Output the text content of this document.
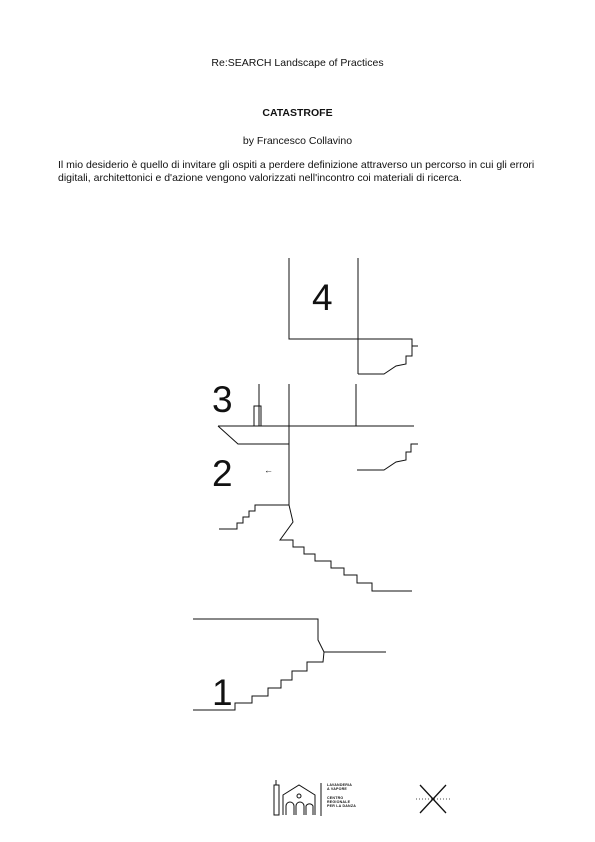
Re:SEARCH Landscape of Practices
CATASTROFE
by Francesco Collavino
Il mio desiderio è quello di invitare gli ospiti a perdere definizione attraverso un percorso in cui gli errori digitali, architettonici e d'azione vengono valorizzati nell'incontro coi materiali di ricerca.
4
3
2
1
←
LAVANDERIA
A VAPORE
CENTRO
REGIONALE
PER LA DANZA
